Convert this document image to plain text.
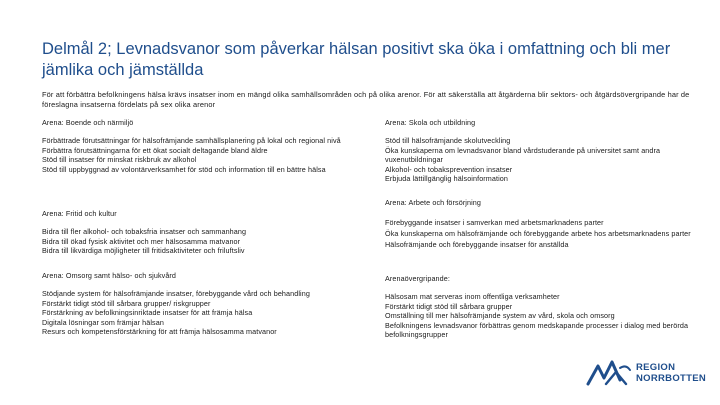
Delmål 2; Levnadsvanor som påverkar hälsan positivt ska öka i omfattning och bli mer jämlika och jämställda

För att förbättra befolkningens hälsa krävs insatser inom en mängd olika samhällsområden och på olika arenor. För att säkerställa att åtgärderna blir sektors- och åtgärdsövergripande har de föreslagna insatserna fördelats på sex olika arenor

Arena: Boende och närmiljö
Förbättrade förutsättningar för hälsofrämjande samhällsplanering på lokal och regional nivå
Förbättra förutsättningarna för ett ökat socialt deltagande bland äldre
Stöd till insatser för minskat riskbruk av alkohol
Stöd till uppbyggnad av volontärverksamhet för stöd och information till en bättre hälsa
Arena: Fritid och kultur
Bidra till fler alkohol- och tobaksfria insatser och sammanhang
Bidra till ökad fysisk aktivitet och mer hälsosamma matvanor
Bidra till likvärdiga möjligheter till fritidsaktiviteter och friluftsliv
Arena: Omsorg samt hälso- och sjukvård
Stödjande system för hälsofrämjande insatser, förebyggande vård och behandling
Förstärkt tidigt stöd till sårbara grupper/ riskgrupper
Förstärkning av befolkningsinriktade insatser för att främja hälsa
Digitala lösningar som främjar hälsan
Resurs och kompetensförstärkning för att främja hälsosamma matvanor
Arena: Skola och utbildning
Stöd till hälsofrämjande skolutveckling
Öka kunskaperna om levnadsvanor bland vårdstuderande på universitet samt andra vuxenutbildningar
Alkohol- och tobaksprevention insatser
Erbjuda lättillgänglig hälsoinformation
Arena: Arbete och försörjning
Förebyggande insatser i samverkan med arbetsmarknadens parter
Öka kunskaperna om hälsofrämjande och förebyggande arbete hos arbetsmarknadens parter
Hälsofrämjande och förebyggande insatser för anställda
Arenaövergripande:
Hälsosam mat serveras inom offentliga verksamheter
Förstärkt tidigt stöd till sårbara grupper
Omställning till mer hälsofrämjande system av vård, skola och omsorg
Befolkningens levnadsvanor förbättras genom medskapande processer i dialog med berörda befolkningsgrupper
REGION
NORRBOTTEN
